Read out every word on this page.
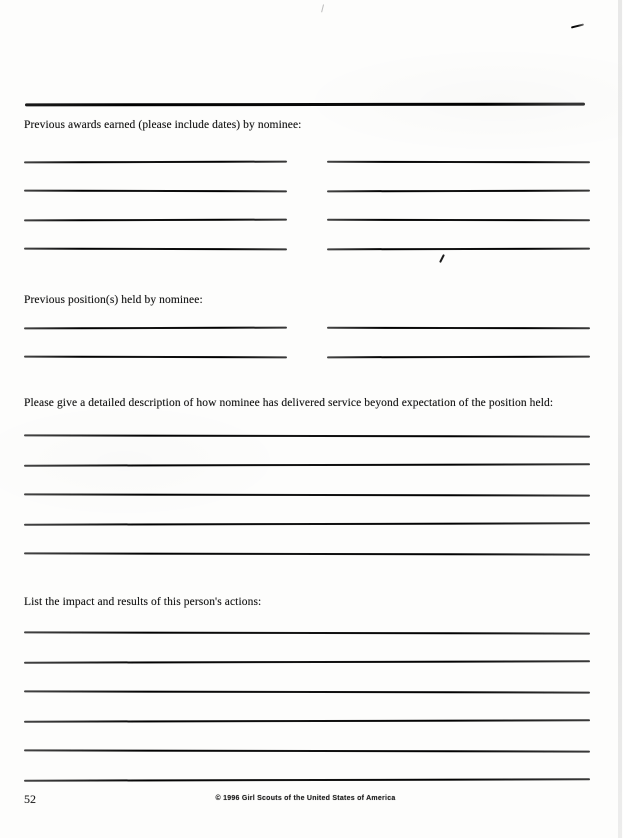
Previous awards earned (please include dates) by nominee:
Previous position(s) held by nominee:
Please give a detailed description of how nominee has delivered service beyond expectation of the position held:
List the impact and results of this person's actions:
52	© 1996 Girl Scouts of the United States of America
